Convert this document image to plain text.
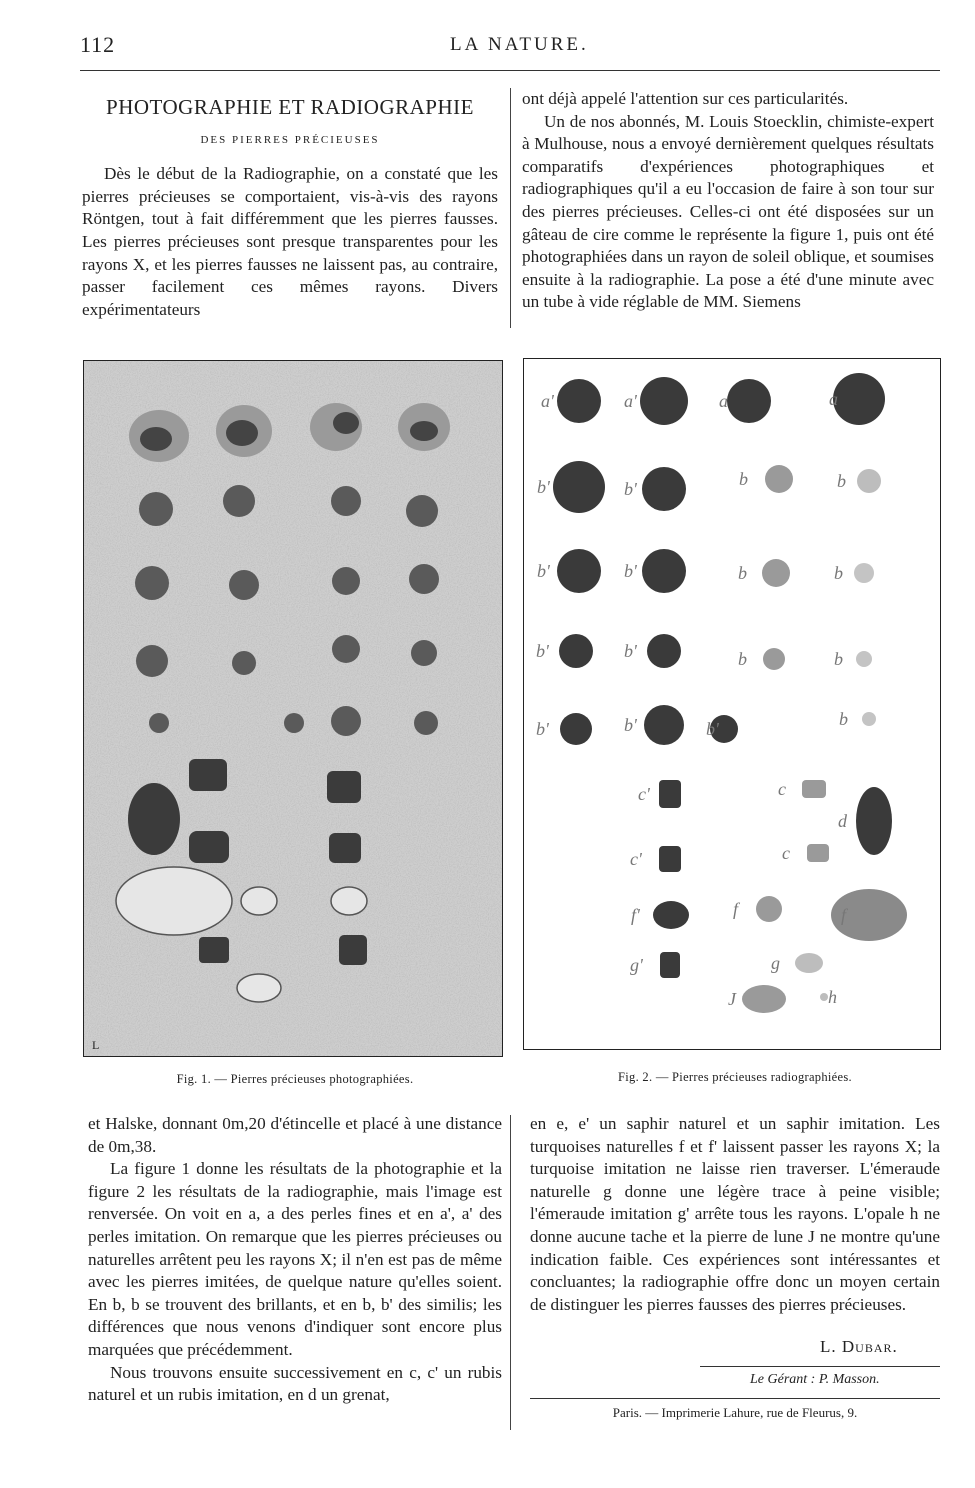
112	LA NATURE.
PHOTOGRAPHIE ET RADIOGRAPHIE
DES PIERRES PRÉCIEUSES

Dès le début de la Radiographie, on a constaté que les pierres précieuses se comportaient, vis-à-vis des rayons Röntgen, tout à fait différemment que les pierres fausses. Les pierres précieuses sont presque transparentes pour les rayons X, et les pierres fausses ne laissent pas, au contraire, passer facilement ces mêmes rayons. Divers expérimentateurs

ont déjà appelé l'attention sur ces particularités.

Un de nos abonnés, M. Louis Stoecklin, chimiste-expert à Mulhouse, nous a envoyé dernièrement quelques résultats comparatifs d'expériences photographiques et radiographiques qu'il a eu l'occasion de faire à son tour sur des pierres précieuses. Celles-ci ont été disposées sur un gâteau de cire comme le représente la figure 1, puis ont été photographiées dans un rayon de soleil oblique, et soumises ensuite à la radiographie. La pose a été d'une minute avec un tube à vide réglable de MM. Siemens

L
a'	a'	a	a
b'	b'	b	b
b'	b'	b	b
b'	b'	b	b
b'	b'	b'	b
c'	c
d
c'	c
f'	f	f
g'	g
J	h
Fig. 1. — Pierres précieuses photographiées.	Fig. 2. — Pierres précieuses radiographiées.

et Halske, donnant 0m,20 d'étincelle et placé à une distance de 0m,38.

La figure 1 donne les résultats de la photographie et la figure 2 les résultats de la radiographie, mais l'image est renversée. On voit en a, a des perles fines et en a', a' des perles imitation. On remarque que les pierres précieuses ou naturelles arrêtent peu les rayons X; il n'en est pas de même avec les pierres imitées, de quelque nature qu'elles soient. En b, b se trouvent des brillants, et en b, b' des similis; les différences que nous venons d'indiquer sont encore plus marquées que précédemment.

Nous trouvons ensuite successivement en c, c' un rubis naturel et un rubis imitation, en d un grenat,

en e, e' un saphir naturel et un saphir imitation. Les turquoises naturelles f et f' laissent passer les rayons X; la turquoise imitation ne laisse rien traverser. L'émeraude naturelle g donne une légère trace à peine visible; l'émeraude imitation g' arrête tous les rayons. L'opale h ne donne aucune tache et la pierre de lune J ne montre qu'une indication faible. Ces expériences sont intéressantes et concluantes; la radiographie offre donc un moyen certain de distinguer les pierres fausses des pierres précieuses.

L. Dubar.
Le Gérant : P. Masson.
Paris. — Imprimerie Lahure, rue de Fleurus, 9.
